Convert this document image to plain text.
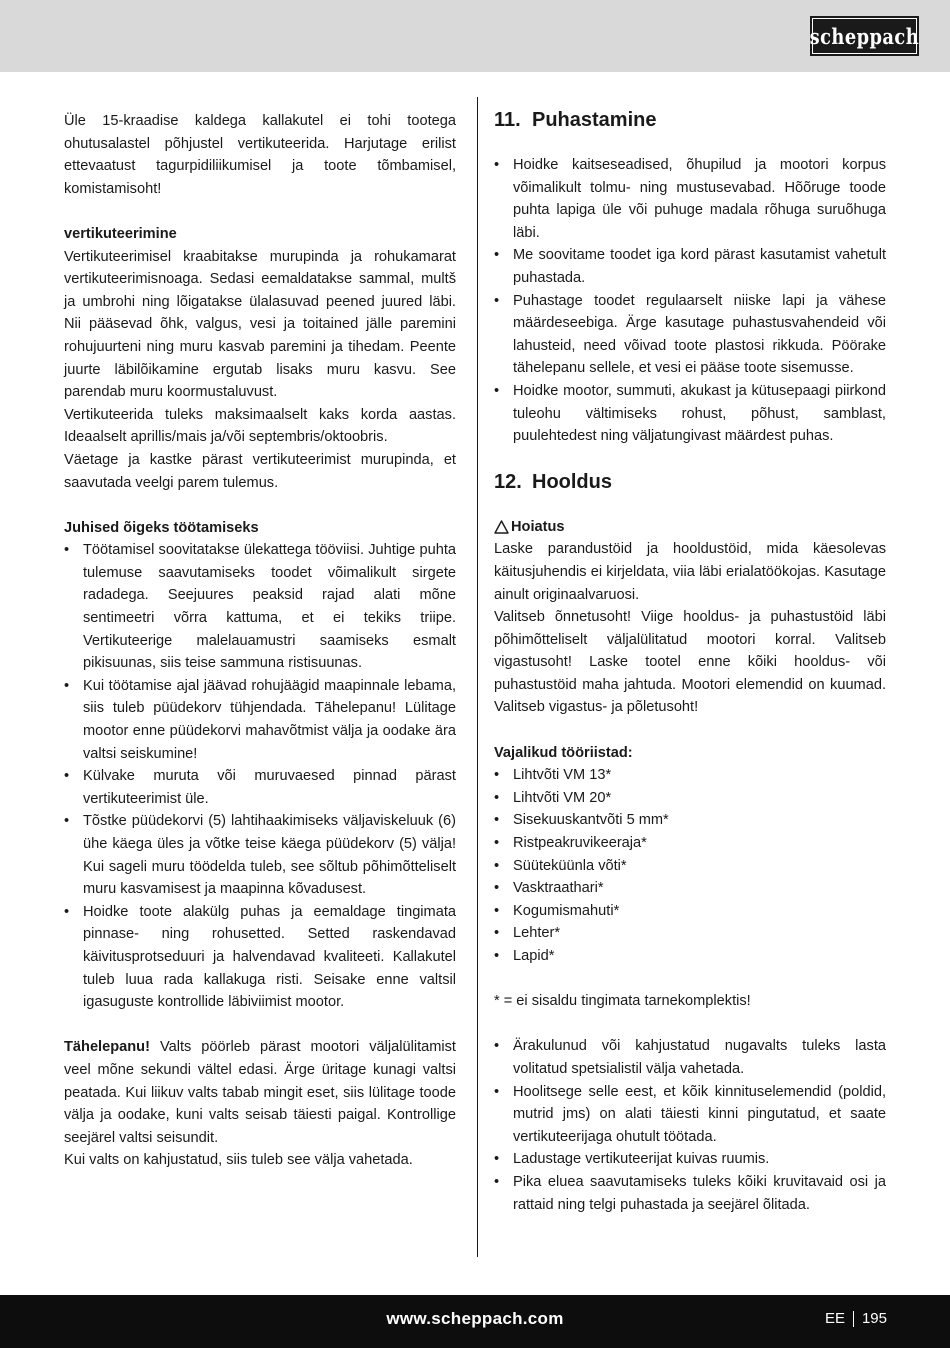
scheppach

Üle 15-kraadise kaldega kallakutel ei tohi tootega ohutusalastel põhjustel vertikuteerida. Harjutage erilist ettevaatust tagurpidiliikumisel ja toote tõmbamisel, komistamisoht!

vertikuteerimine

Vertikuteerimisel kraabitakse murupinda ja rohukamarat vertikuteerimisnoaga. Sedasi eemaldatakse sammal, multš ja umbrohi ning lõigatakse ülalasuvad peened juured läbi. Nii pääsevad õhk, valgus, vesi ja toitained jälle paremini rohujuurteni ning muru kasvab paremini ja tihedam. Peente juurte läbilõikamine ergutab lisaks muru kasvu. See parendab muru koormustaluvust.

Vertikuteerida tuleks maksimaalselt kaks korda aastas. Ideaalselt aprillis/mais ja/või septembris/oktoobris.

Väetage ja kastke pärast vertikuteerimist murupinda, et saavutada veelgi parem tulemus.

Juhised õigeks töötamiseks

• Töötamisel soovitatakse ülekattega tööviisi. Juhtige puhta tulemuse saavutamiseks toodet võimalikult sirgete radadega. Seejuures peaksid rajad alati mõne sentimeetri võrra kattuma, et ei tekiks triipe. Vertikuteerige malelauamustri saamiseks esmalt pikisuunas, siis teise sammuna ristisuunas.
• Kui töötamise ajal jäävad rohujäägid maapinnale lebama, siis tuleb püüdekorv tühjendada. Tähelepanu! Lülitage mootor enne püüdekorvi mahavõtmist välja ja oodake ära valtsi seiskumine!
• Külvake muruta või muruvaesed pinnad pärast vertikuteerimist üle.
• Tõstke püüdekorvi (5) lahtihaakimiseks väljaviskeluuk (6) ühe käega üles ja võtke teise käega püüdekorv (5) välja! Kui sageli muru töödelda tuleb, see sõltub põhimõtteliselt muru kasvamisest ja maapinna kõvadusest.
• Hoidke toote alakülg puhas ja eemaldage tingimata pinnase- ning rohusetted. Setted raskendavad käivitusprotseduuri ja halvendavad kvaliteeti. Kallakutel tuleb luua rada kallakuga risti. Seisake enne valtsil igasuguste kontrollide läbiviimist mootor.

Tähelepanu! Valts pöörleb pärast mootori väljalülitamist veel mõne sekundi vältel edasi. Ärge üritage kunagi valtsi peatada. Kui liikuv valts tabab mingit eset, siis lülitage toode välja ja oodake, kuni valts seisab täiesti paigal. Kontrollige seejärel valtsi seisundit.

Kui valts on kahjustatud, siis tuleb see välja vahetada.

11. Puhastamine
• Hoidke kaitseseadised, õhupilud ja mootori korpus võimalikult tolmu- ning mustusevabad. Hõõruge toode puhta lapiga üle või puhuge madala rõhuga suruõhuga läbi.
• Me soovitame toodet iga kord pärast kasutamist vahetult puhastada.
• Puhastage toodet regulaarselt niiske lapi ja vähese määrdeseebiga. Ärge kasutage puhastusvahendeid või lahusteid, need võivad toote plastosi rikkuda. Pöörake tähelepanu sellele, et vesi ei pääse toote sisemusse.
• Hoidke mootor, summuti, akukast ja kütusepaagi piirkond tuleohu vältimiseks rohust, põhust, samblast, puulehtedest ning väljatungivast määrdest puhas.
12. Hooldus
Hoiatus

Laske parandustöid ja hooldustöid, mida käesolevas käitusjuhendis ei kirjeldata, viia läbi erialatöökojas. Kasutage ainult originaalvaruosi.

Valitseb õnnetusoht! Viige hooldus- ja puhastustöid läbi põhimõtteliselt väljalülitatud mootori korral. Valitseb vigastusoht! Laske tootel enne kõiki hooldus- või puhastustöid maha jahtuda. Mootori elemendid on kuumad. Valitseb vigastus- ja põletusoht!

Vajalikud tööriistad:

• Lihtvõti VM 13*
• Lihtvõti VM 20*
• Sisekuuskantvõti 5 mm*
• Ristpeakruvikeeraja*
• Süüteküünla võti*
• Vasktraathari*
• Kogumismahuti*
• Lehter*
• Lapid*

* = ei sisaldu tingimata tarnekomplektis!

• Ärakulunud või kahjustatud nugavalts tuleks lasta volitatud spetsialistil välja vahetada.
• Hoolitsege selle eest, et kõik kinnituselemendid (poldid, mutrid jms) on alati täiesti kinni pingutatud, et saate vertikuteerijaga ohutult töötada.
• Ladustage vertikuteerijat kuivas ruumis.
• Pika eluea saavutamiseks tuleks kõiki kruvitavaid osi ja rattaid ning telgi puhastada ja seejärel õlitada.
www.scheppach.com	EE 195
